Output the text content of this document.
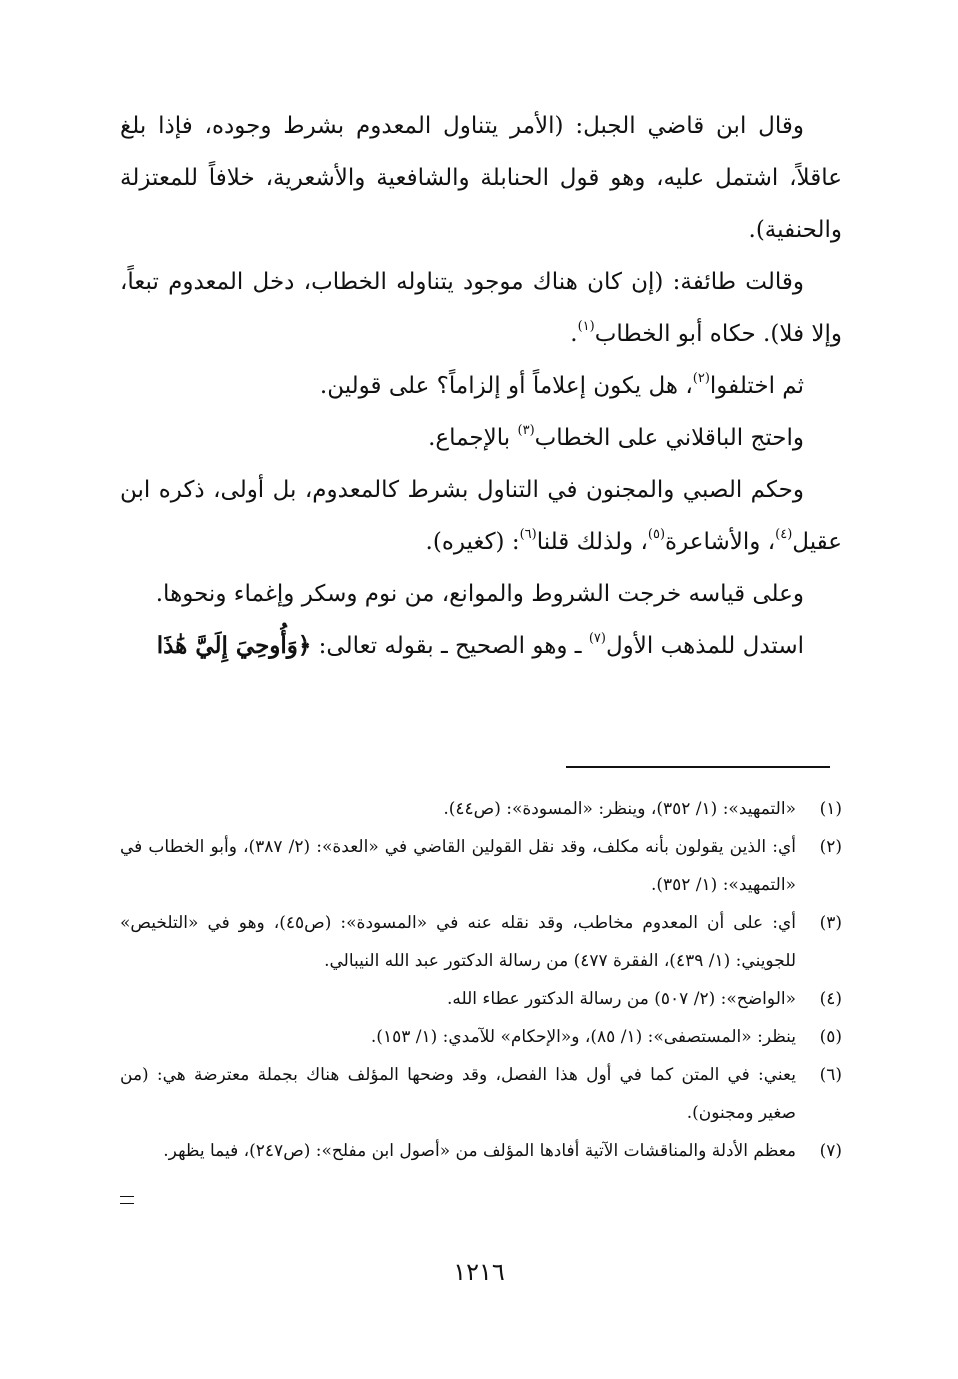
وقال ابن قاضي الجبل: (الأمر يتناول المعدوم بشرط وجوده، فإذا بلغ عاقلاً، اشتمل عليه، وهو قول الحنابلة والشافعية والأشعرية، خلافاً للمعتزلة والحنفية).

وقالت طائفة: (إن كان هناك موجود يتناوله الخطاب، دخل المعدوم تبعاً، وإلا فلا). حكاه أبو الخطاب$^{(١)}$.

ثم اختلفوا$^{(٢)}$، هل يكون إعلاماً أو إلزاماً؟ على قولين.

واحتج الباقلاني على الخطاب$^{(٣)}$ بالإجماع.

وحكم الصبي والمجنون في التناول بشرط كالمعدوم، بل أولى، ذكره ابن عقيل$^{(٤)}$، والأشاعرة$^{(٥)}$، ولذلك قلنا$^{(٦)}$: (كغيره).

وعلى قياسه خرجت الشروط والموانع، من نوم وسكر وإغماء ونحوها.

استدل للمذهب الأول$^{(٧)}$ ـ وهو الصحيح ـ بقوله تعالى: ﴿وَأُوحِيَ إِلَيَّ هَٰذَا

(١)
«التمهيد»: (١/ ٣٥٢)، وينظر: «المسودة»: (ص٤٤).
(٢)
أي: الذين يقولون بأنه مكلف، وقد نقل القولين القاضي في «العدة»: (٢/ ٣٨٧)، وأبو الخطاب في «التمهيد»: (١/ ٣٥٢).
(٣)
أي: على أن المعدوم مخاطب، وقد نقله عنه في «المسودة»: (ص٤٥)، وهو في «التلخيص» للجويني: (١/ ٤٣٩)، الفقرة ٤٧٧) من رسالة الدكتور عبد الله النيبالي.
(٤)
«الواضح»: (٢/ ٥٠٧) من رسالة الدكتور عطاء الله.
(٥)
ينظر: «المستصفى»: (١/ ٨٥)، و«الإحكام» للآمدي: (١/ ١٥٣).
(٦)
يعني: في المتن كما في أول هذا الفصل، وقد وضحها المؤلف هناك بجملة معترضة هي: (من صغير ومجنون).
(٧)
معظم الأدلة والمناقشات الآتية أفادها المؤلف من «أصول ابن مفلح»: (ص٢٤٧)، فيما يظهر.
١٢١٦
